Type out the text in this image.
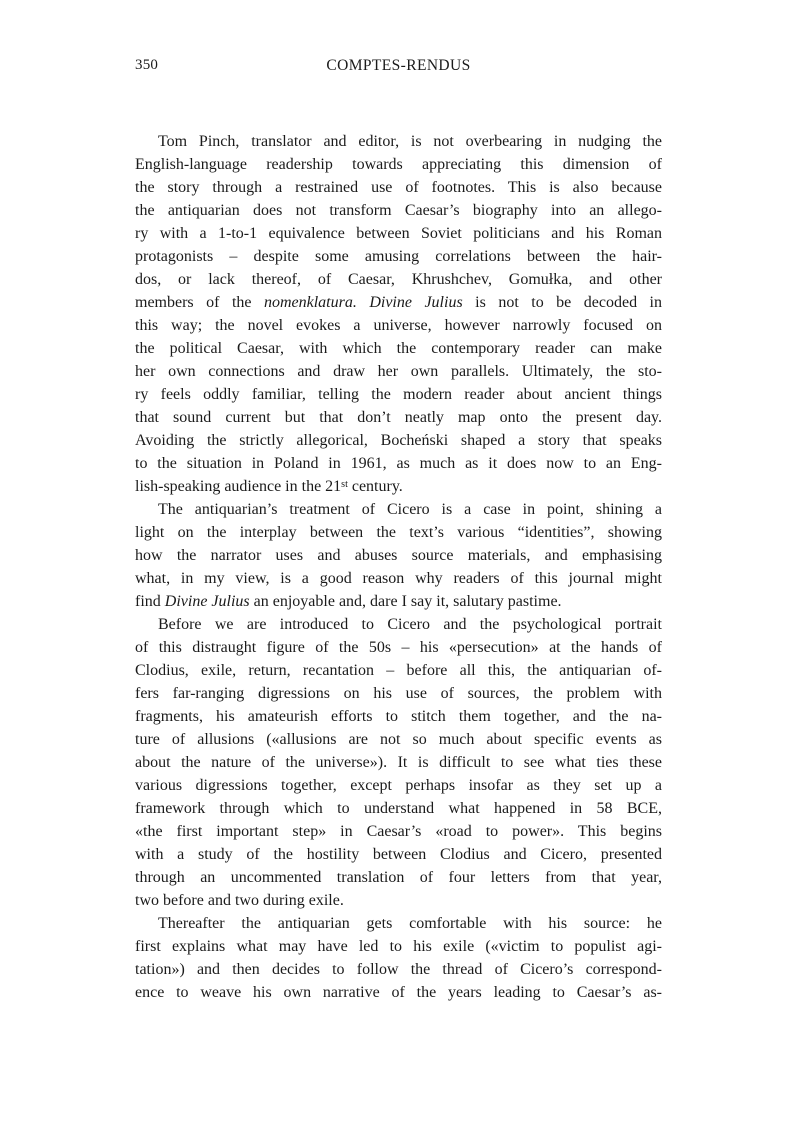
350	COMPTES-RENDUS
Tom Pinch, translator and editor, is not overbearing in nudging the
English-language readership towards appreciating this dimension of
the story through a restrained use of footnotes. This is also because
the antiquarian does not transform Caesar’s biography into an allego-
ry with a 1-to-1 equivalence between Soviet politicians and his Roman
protagonists – despite some amusing correlations between the hair-
dos, or lack thereof, of Caesar, Khrushchev, Gomułka, and other
members of the nomenklatura. Divine Julius is not to be decoded in
this way; the novel evokes a universe, however narrowly focused on
the political Caesar, with which the contemporary reader can make
her own connections and draw her own parallels. Ultimately, the sto-
ry feels oddly familiar, telling the modern reader about ancient things
that sound current but that don’t neatly map onto the present day.
Avoiding the strictly allegorical, Bocheński shaped a story that speaks
to the situation in Poland in 1961, as much as it does now to an Eng-
lish-speaking audience in the 21st century.
The antiquarian’s treatment of Cicero is a case in point, shining a
light on the interplay between the text’s various “identities”, showing
how the narrator uses and abuses source materials, and emphasising
what, in my view, is a good reason why readers of this journal might
find Divine Julius an enjoyable and, dare I say it, salutary pastime.
Before we are introduced to Cicero and the psychological portrait
of this distraught figure of the 50s – his «persecution» at the hands of
Clodius, exile, return, recantation – before all this, the antiquarian of-
fers far-ranging digressions on his use of sources, the problem with
fragments, his amateurish efforts to stitch them together, and the na-
ture of allusions («allusions are not so much about specific events as
about the nature of the universe»). It is difficult to see what ties these
various digressions together, except perhaps insofar as they set up a
framework through which to understand what happened in 58 BCE,
«the first important step» in Caesar’s «road to power». This begins
with a study of the hostility between Clodius and Cicero, presented
through an uncommented translation of four letters from that year,
two before and two during exile.
Thereafter the antiquarian gets comfortable with his source: he
first explains what may have led to his exile («victim to populist agi-
tation») and then decides to follow the thread of Cicero’s correspond-
ence to weave his own narrative of the years leading to Caesar’s as-
